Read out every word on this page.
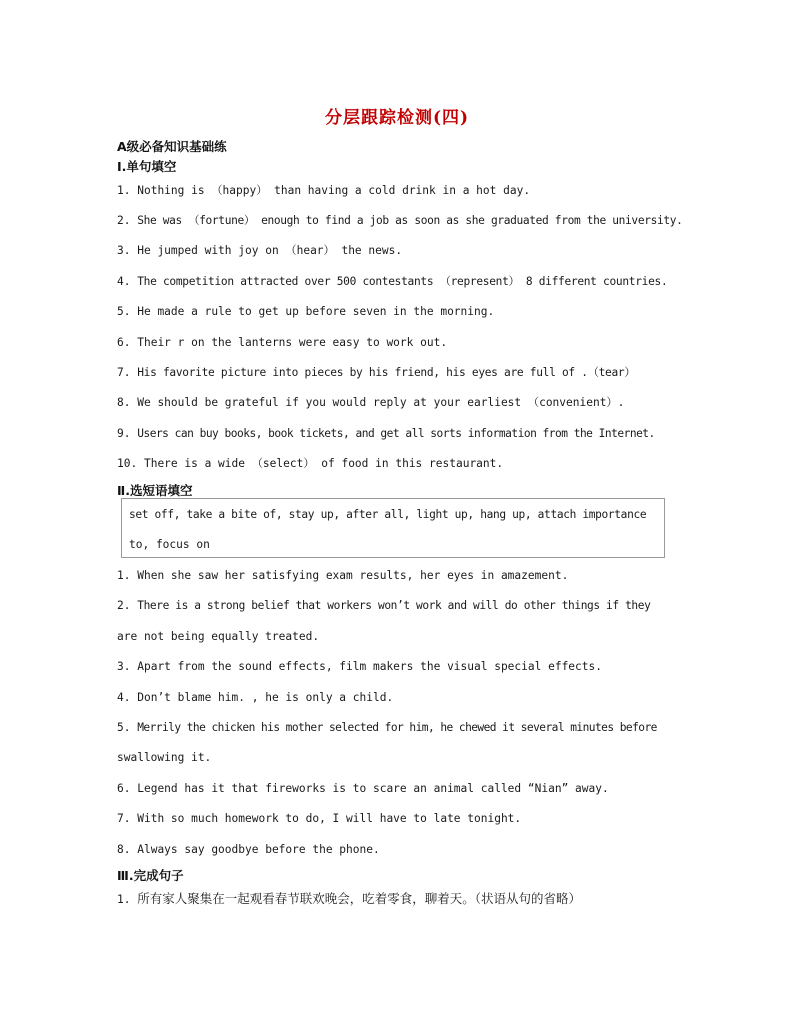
分层跟踪检测(四)
A级必备知识基础练
Ⅰ.单句填空
1. Nothing is （happy） than having a cold drink in a hot day.
2. She was （fortune） enough to find a job as soon as she graduated from the university.
3. He jumped with joy on （hear） the news.
4. The competition attracted over 500 contestants （represent） 8 different countries.
5. He made a rule to get up before seven in the morning.
6. Their r on the lanterns were easy to work out.
7. His favorite picture into pieces by his friend, his eyes are full of .（tear）
8. We should be grateful if you would reply at your earliest （convenient）.
9. Users can buy books, book tickets, and get all sorts information from the Internet.
10. There is a wide （select） of food in this restaurant.
Ⅱ.选短语填空
set off, take a bite of, stay up, after all, light up, hang up, attach importance
to, focus on
1. When she saw her satisfying exam results, her eyes in amazement.
2. There is a strong belief that workers won’t work and will do other things if they
are not being equally treated.
3. Apart from the sound effects, film makers the visual special effects.
4. Don’t blame him. , he is only a child.
5. Merrily the chicken his mother selected for him, he chewed it several minutes before
swallowing it.
6. Legend has it that fireworks is to scare an animal called “Nian” away.
7. With so much homework to do, I will have to late tonight.
8. Always say goodbye before the phone.
Ⅲ.完成句子
1. 所有家人聚集在一起观看春节联欢晚会，吃着零食，聊着天。（状语从句的省略）
